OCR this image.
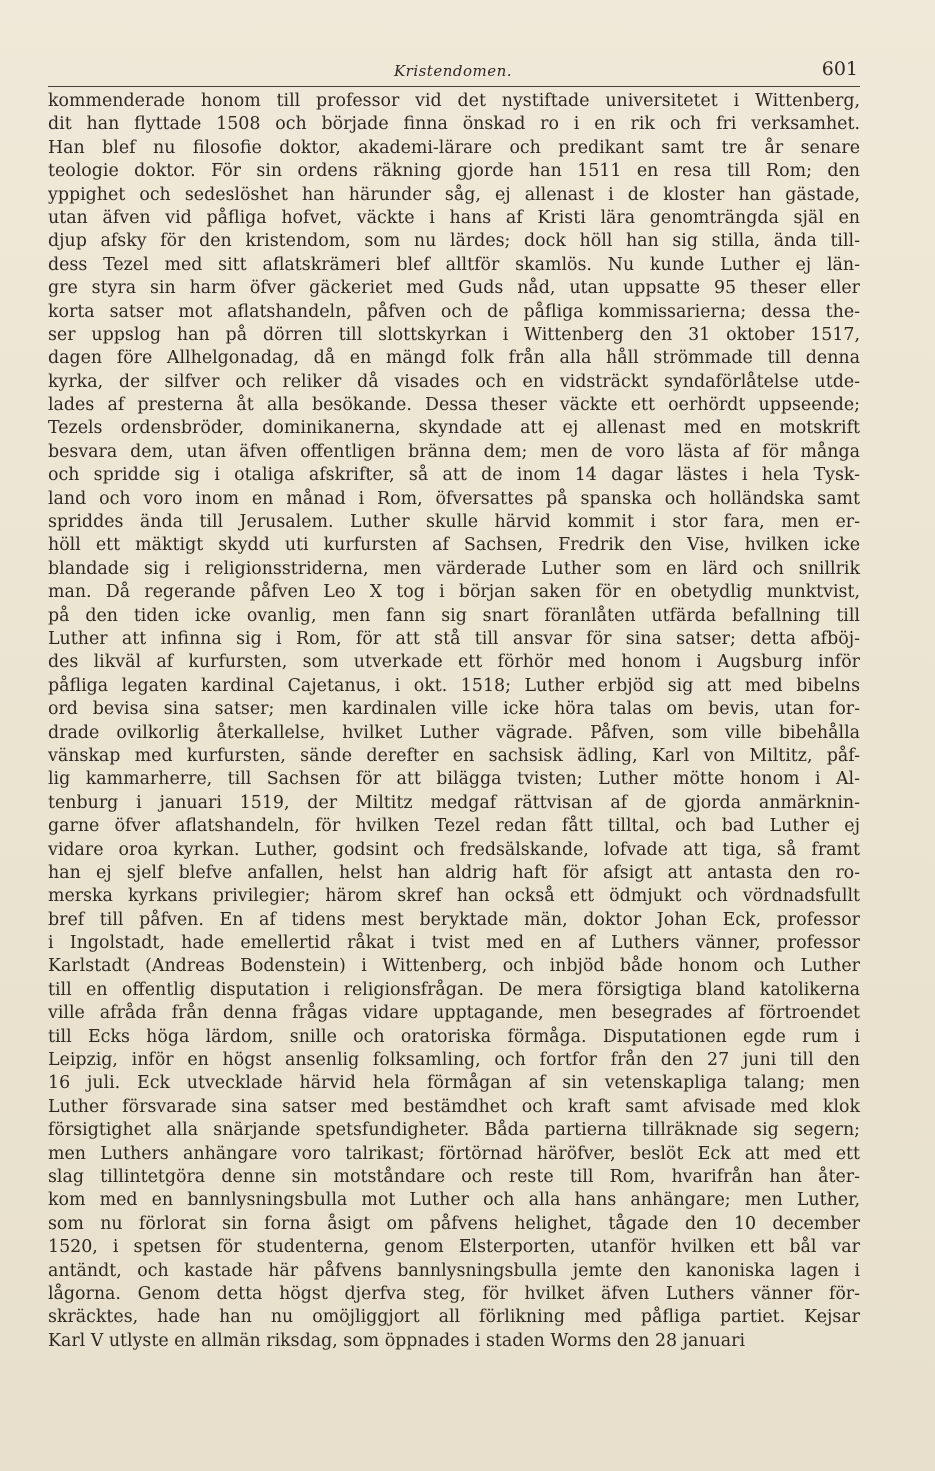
Kristendomen.	601
kommenderade honom till professor vid det nystiftade universitetet i Wittenberg,
dit han flyttade 1508 och började finna önskad ro i en rik och fri verksamhet.
Han blef nu filosofie doktor, akademi-lärare och predikant samt tre år senare
teologie doktor. För sin ordens räkning gjorde han 1511 en resa till Rom; den
yppighet och sedeslöshet han härunder såg, ej allenast i de kloster han gästade,
utan äfven vid påfliga hofvet, väckte i hans af Kristi lära genomträngda själ en
djup afsky för den kristendom, som nu lärdes; dock höll han sig stilla, ända till-
dess Tezel med sitt aflatskrämeri blef alltför skamlös. Nu kunde Luther ej län-
gre styra sin harm öfver gäckeriet med Guds nåd, utan uppsatte 95 theser eller
korta satser mot aflatshandeln, påfven och de påfliga kommissarierna; dessa the-
ser uppslog han på dörren till slottskyrkan i Wittenberg den 31 oktober 1517,
dagen före Allhelgonadag, då en mängd folk från alla håll strömmade till denna
kyrka, der silfver och reliker då visades och en vidsträckt syndaförlåtelse utde-
lades af presterna åt alla besökande. Dessa theser väckte ett oerhördt uppseende;
Tezels ordensbröder, dominikanerna, skyndade att ej allenast med en motskrift
besvara dem, utan äfven offentligen bränna dem; men de voro lästa af för många
och spridde sig i otaliga afskrifter, så att de inom 14 dagar lästes i hela Tysk-
land och voro inom en månad i Rom, öfversattes på spanska och holländska samt
spriddes ända till Jerusalem. Luther skulle härvid kommit i stor fara, men er-
höll ett mäktigt skydd uti kurfursten af Sachsen, Fredrik den Vise, hvilken icke
blandade sig i religionsstriderna, men värderade Luther som en lärd och snillrik
man. Då regerande påfven Leo X tog i början saken för en obetydlig munktvist,
på den tiden icke ovanlig, men fann sig snart föranlåten utfärda befallning till
Luther att infinna sig i Rom, för att stå till ansvar för sina satser; detta afböj-
des likväl af kurfursten, som utverkade ett förhör med honom i Augsburg inför
påfliga legaten kardinal Cajetanus, i okt. 1518; Luther erbjöd sig att med bibelns
ord bevisa sina satser; men kardinalen ville icke höra talas om bevis, utan for-
drade ovilkorlig återkallelse, hvilket Luther vägrade. Påfven, som ville bibehålla
vänskap med kurfursten, sände derefter en sachsisk ädling, Karl von Miltitz, påf-
lig kammarherre, till Sachsen för att bilägga tvisten; Luther mötte honom i Al-
tenburg i januari 1519, der Miltitz medgaf rättvisan af de gjorda anmärknin-
garne öfver aflatshandeln, för hvilken Tezel redan fått tilltal, och bad Luther ej
vidare oroa kyrkan. Luther, godsint och fredsälskande, lofvade att tiga, så framt
han ej sjelf blefve anfallen, helst han aldrig haft för afsigt att antasta den ro-
merska kyrkans privilegier; härom skref han också ett ödmjukt och vördnadsfullt
bref till påfven. En af tidens mest beryktade män, doktor Johan Eck, professor
i Ingolstadt, hade emellertid råkat i tvist med en af Luthers vänner, professor
Karlstadt (Andreas Bodenstein) i Wittenberg, och inbjöd både honom och Luther
till en offentlig disputation i religionsfrågan. De mera försigtiga bland katolikerna
ville afråda från denna frågas vidare upptagande, men besegrades af förtroendet
till Ecks höga lärdom, snille och oratoriska förmåga. Disputationen egde rum i
Leipzig, inför en högst ansenlig folksamling, och fortfor från den 27 juni till den
16 juli. Eck utvecklade härvid hela förmågan af sin vetenskapliga talang; men
Luther försvarade sina satser med bestämdhet och kraft samt afvisade med klok
försigtighet alla snärjande spetsfundigheter. Båda partierna tillräknade sig segern;
men Luthers anhängare voro talrikast; förtörnad häröfver, beslöt Eck att med ett
slag tillintetgöra denne sin motståndare och reste till Rom, hvarifrån han åter-
kom med en bannlysningsbulla mot Luther och alla hans anhängare; men Luther,
som nu förlorat sin forna åsigt om påfvens helighet, tågade den 10 december
1520, i spetsen för studenterna, genom Elsterporten, utanför hvilken ett bål var
antändt, och kastade här påfvens bannlysningsbulla jemte den kanoniska lagen i
lågorna. Genom detta högst djerfva steg, för hvilket äfven Luthers vänner för-
skräcktes, hade han nu omöjliggjort all förlikning med påfliga partiet. Kejsar
Karl V utlyste en allmän riksdag, som öppnades i staden Worms den 28 januari
